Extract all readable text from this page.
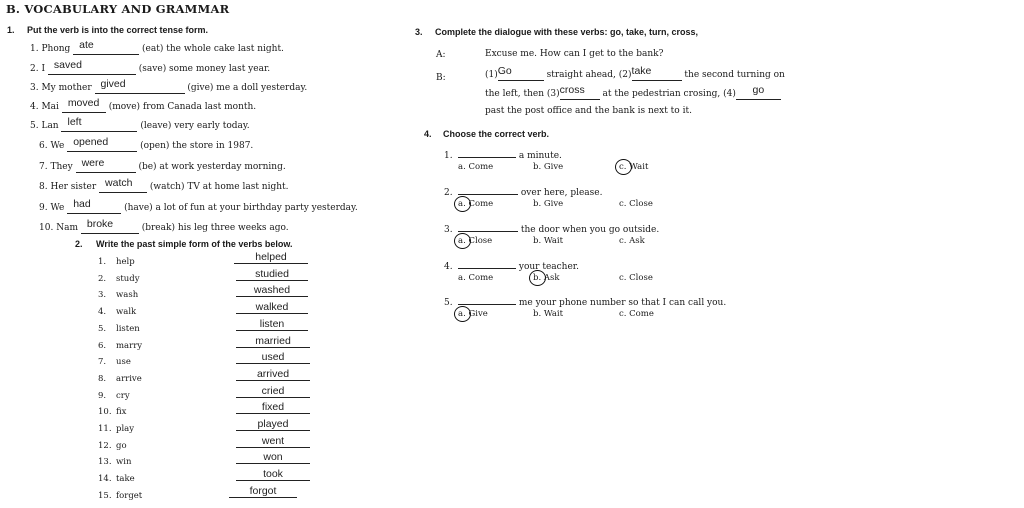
B. VOCABULARY AND GRAMMAR
1. Put the verb is into the correct tense form.
1. Phong ate	(eat) the whole cake last night.
2. I saved	(save) some money last year.
3. My mother gived	(give) me a doll yesterday.
4. Mai moved (move) from Canada last month.
5. Lan left	(leave) very early today.
6. We opened	(open) the store in 1987.
7. They were	(be) at work yesterday morning.
8. Her sister watch (watch) TV at home last night.
9. We had	(have) a lot of fun at your birthday party yesterday.
10. Nam broke	(break) his leg three weeks ago.
2. Write the past simple form of the verbs below.
1. help	helped
2. study	studied
3. wash	washed
4. walk	walked
5. listen	listen
6. marry	married
7. use	used
8. arrive	arrived
9. cry	cried
10. fix	fixed
11. play	played
12. go	went
13. win	won
14. take	took
15. forget	forgot
3. Complete the dialogue with these verbs: go, take, turn, cross,
A:	Excuse me. How can I get to the bank?
B:	(1)Go	straight ahead, (2)take	the second turning on
the left, then (3)cross at the pedestrian crosing, (4) go
past the post office and the bank is next to it.
4. Choose the correct verb.
1.	a minute.
a. Come	b. Give	c. Wait
2.	over here, please.
a. Come	b. Give	c. Close
3.	the door when you go outside.
a. Close	b. Wait	c. Ask
4.	your teacher.
a. Come	b. Ask	c. Close
5.	me your phone number so that I can call you.
a. Give	b. Wait	c. Come
